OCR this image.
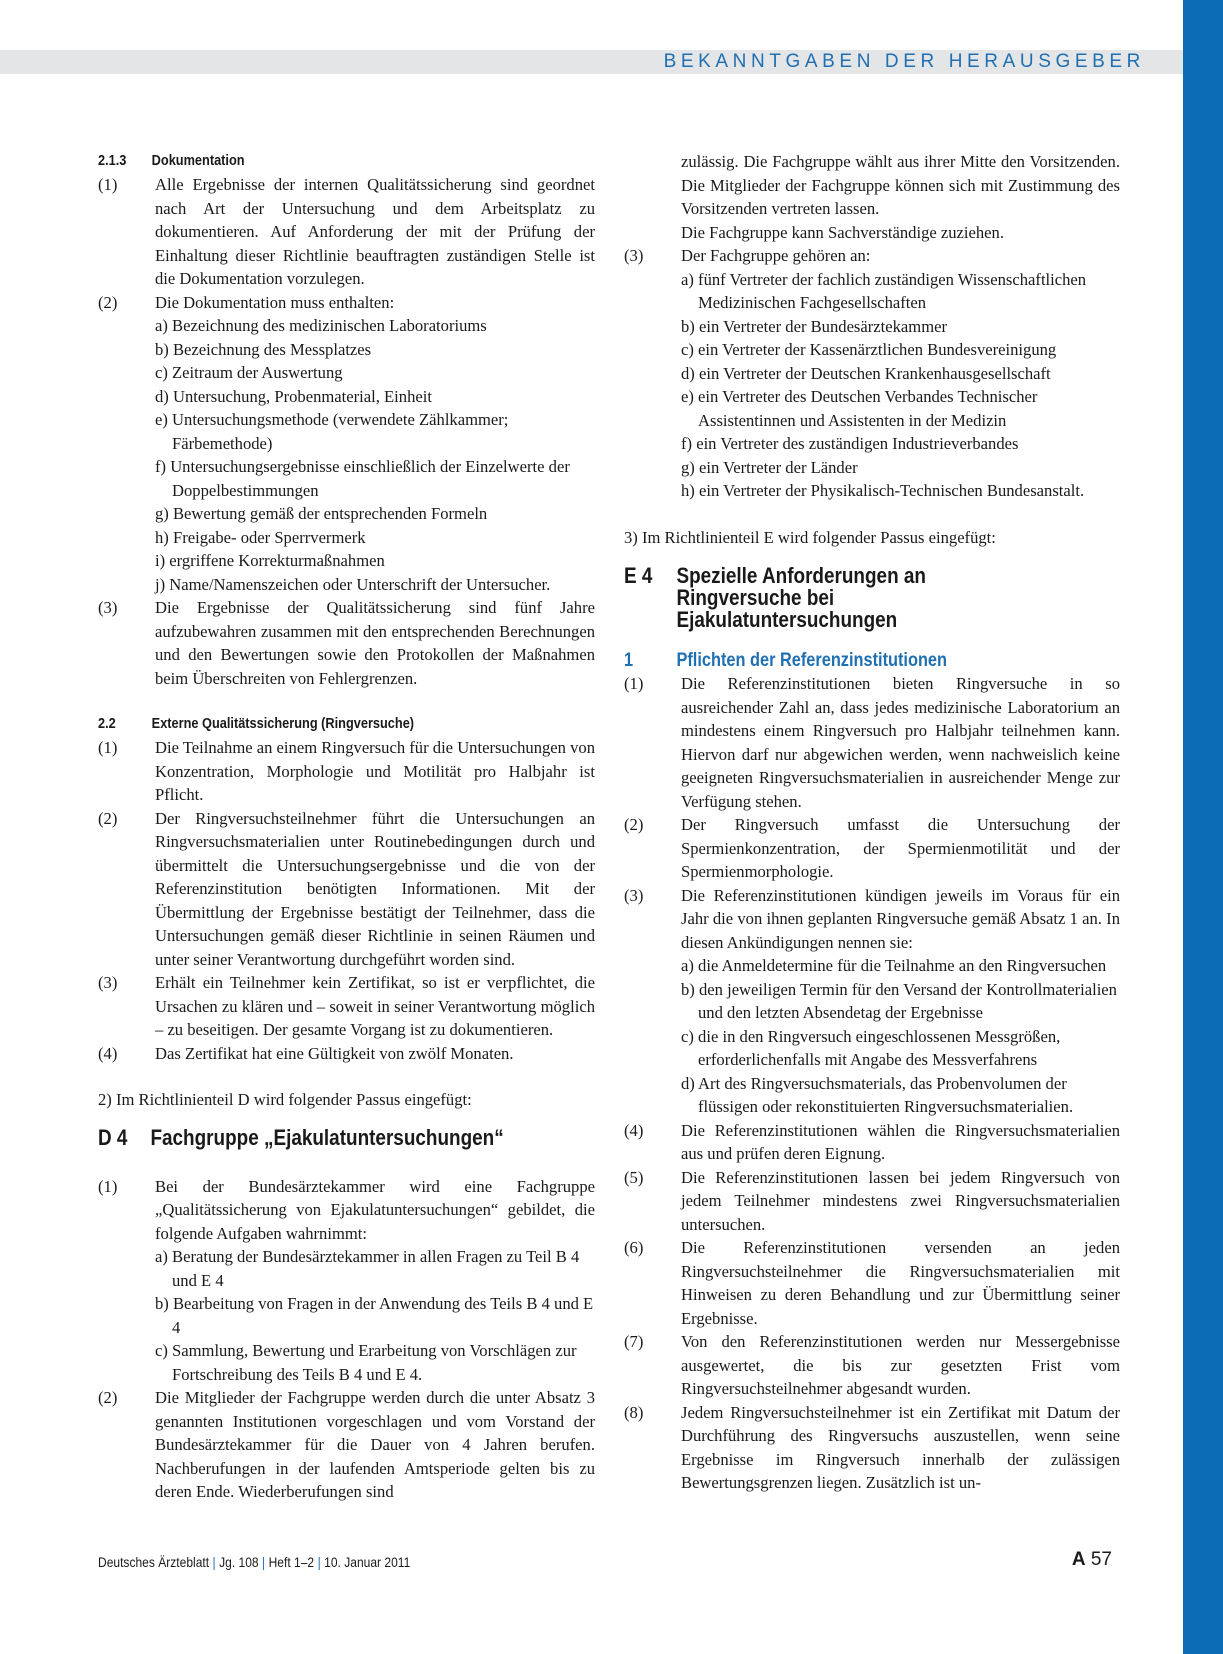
BEKANNTGABEN DER HERAUSGEBER
2.1.3	Dokumentation
(1)	Alle Ergebnisse der internen Qualitätssicherung sind geordnet nach Art der Untersuchung und dem Arbeitsplatz zu dokumentieren. Auf Anforderung der mit der Prüfung der Einhaltung dieser Richtlinie beauftragten zuständigen Stelle ist die Dokumentation vorzulegen.
(2)	Die Dokumentation muss enthalten:
a) Bezeichnung des medizinischen Laboratoriums
b) Bezeichnung des Messplatzes
c) Zeitraum der Auswertung
d) Untersuchung, Probenmaterial, Einheit
e) Untersuchungsmethode (verwendete Zählkammer; Färbemethode)
f) Untersuchungsergebnisse einschließlich der Einzelwerte der Doppelbestimmungen
g) Bewertung gemäß der entsprechenden Formeln
h) Freigabe- oder Sperrvermerk
i) ergriffene Korrekturmaßnahmen
j) Name/Namenszeichen oder Unterschrift der Untersucher.
(3)	Die Ergebnisse der Qualitätssicherung sind fünf Jahre aufzubewahren zusammen mit den entsprechenden Berechnungen und den Bewertungen sowie den Protokollen der Maßnahmen beim Überschreiten von Fehlergrenzen.
2.2	Externe Qualitätssicherung (Ringversuche)
(1)	Die Teilnahme an einem Ringversuch für die Untersuchungen von Konzentration, Morphologie und Motilität pro Halbjahr ist Pflicht.
(2)	Der Ringversuchsteilnehmer führt die Untersuchungen an Ringversuchsmaterialien unter Routinebedingungen durch und übermittelt die Untersuchungsergebnisse und die von der Referenzinstitution benötigten Informationen. Mit der Übermittlung der Ergebnisse bestätigt der Teilnehmer, dass die Untersuchungen gemäß dieser Richtlinie in seinen Räumen und unter seiner Verantwortung durchgeführt worden sind.
(3)	Erhält ein Teilnehmer kein Zertifikat, so ist er verpflichtet, die Ursachen zu klären und – soweit in seiner Verantwortung möglich – zu beseitigen. Der gesamte Vorgang ist zu dokumentieren.
(4)	Das Zertifikat hat eine Gültigkeit von zwölf Monaten.
2) Im Richtlinienteil D wird folgender Passus eingefügt:
D 4	Fachgruppe „Ejakulatuntersuchungen“
(1)	Bei der Bundesärztekammer wird eine Fachgruppe „Qualitätssicherung von Ejakulatuntersuchungen“ gebildet, die folgende Aufgaben wahrnimmt:
a) Beratung der Bundesärztekammer in allen Fragen zu Teil B 4 und E 4
b) Bearbeitung von Fragen in der Anwendung des Teils B 4 und E 4
c) Sammlung, Bewertung und Erarbeitung von Vorschlägen zur Fortschreibung des Teils B 4 und E 4.
(2)	Die Mitglieder der Fachgruppe werden durch die unter Absatz 3 genannten Institutionen vorgeschlagen und vom Vorstand der Bundesärztekammer für die Dauer von 4 Jahren berufen. Nachberufungen in der laufenden Amtsperiode gelten bis zu deren Ende. Wiederberufungen sind
zulässig. Die Fachgruppe wählt aus ihrer Mitte den Vorsitzenden. Die Mitglieder der Fachgruppe können sich mit Zustimmung des Vorsitzenden vertreten lassen.
Die Fachgruppe kann Sachverständige zuziehen.
(3)	Der Fachgruppe gehören an:
a) fünf Vertreter der fachlich zuständigen Wissenschaftlichen Medizinischen Fachgesellschaften
b) ein Vertreter der Bundesärztekammer
c) ein Vertreter der Kassenärztlichen Bundesvereinigung
d) ein Vertreter der Deutschen Krankenhausgesellschaft
e) ein Vertreter des Deutschen Verbandes Technischer Assistentinnen und Assistenten in der Medizin
f) ein Vertreter des zuständigen Industrieverbandes
g) ein Vertreter der Länder
h) ein Vertreter der Physikalisch-Technischen Bundesanstalt.
3) Im Richtlinienteil E wird folgender Passus eingefügt:
E 4	Spezielle Anforderungen an Ringversuche bei Ejakulatuntersuchungen
1	Pflichten der Referenzinstitutionen
(1)	Die Referenzinstitutionen bieten Ringversuche in so ausreichender Zahl an, dass jedes medizinische Laboratorium an mindestens einem Ringversuch pro Halbjahr teilnehmen kann. Hiervon darf nur abgewichen werden, wenn nachweislich keine geeigneten Ringversuchsmaterialien in ausreichender Menge zur Verfügung stehen.
(2)	Der Ringversuch umfasst die Untersuchung der Spermienkonzentration, der Spermienmotilität und der Spermienmorphologie.
(3)	Die Referenzinstitutionen kündigen jeweils im Voraus für ein Jahr die von ihnen geplanten Ringversuche gemäß Absatz 1 an. In diesen Ankündigungen nennen sie:
a) die Anmeldetermine für die Teilnahme an den Ringversuchen
b) den jeweiligen Termin für den Versand der Kontrollmaterialien und den letzten Absendetag der Ergebnisse
c) die in den Ringversuch eingeschlossenen Messgrößen, erforderlichenfalls mit Angabe des Messverfahrens
d) Art des Ringversuchsmaterials, das Probenvolumen der flüssigen oder rekonstituierten Ringversuchsmaterialien.
(4)	Die Referenzinstitutionen wählen die Ringversuchsmaterialien aus und prüfen deren Eignung.
(5)	Die Referenzinstitutionen lassen bei jedem Ringversuch von jedem Teilnehmer mindestens zwei Ringversuchsmaterialien untersuchen.
(6)	Die Referenzinstitutionen versenden an jeden Ringversuchsteilnehmer die Ringversuchsmaterialien mit Hinweisen zu deren Behandlung und zur Übermittlung seiner Ergebnisse.
(7)	Von den Referenzinstitutionen werden nur Messergebnisse ausgewertet, die bis zur gesetzten Frist vom Ringversuchsteilnehmer abgesandt wurden.
(8)	Jedem Ringversuchsteilnehmer ist ein Zertifikat mit Datum der Durchführung des Ringversuchs auszustellen, wenn seine Ergebnisse im Ringversuch innerhalb der zulässigen Bewertungsgrenzen liegen. Zusätzlich ist un-
Deutsches Ärzteblatt | Jg. 108 | Heft 1–2 | 10. Januar 2011	A 57
